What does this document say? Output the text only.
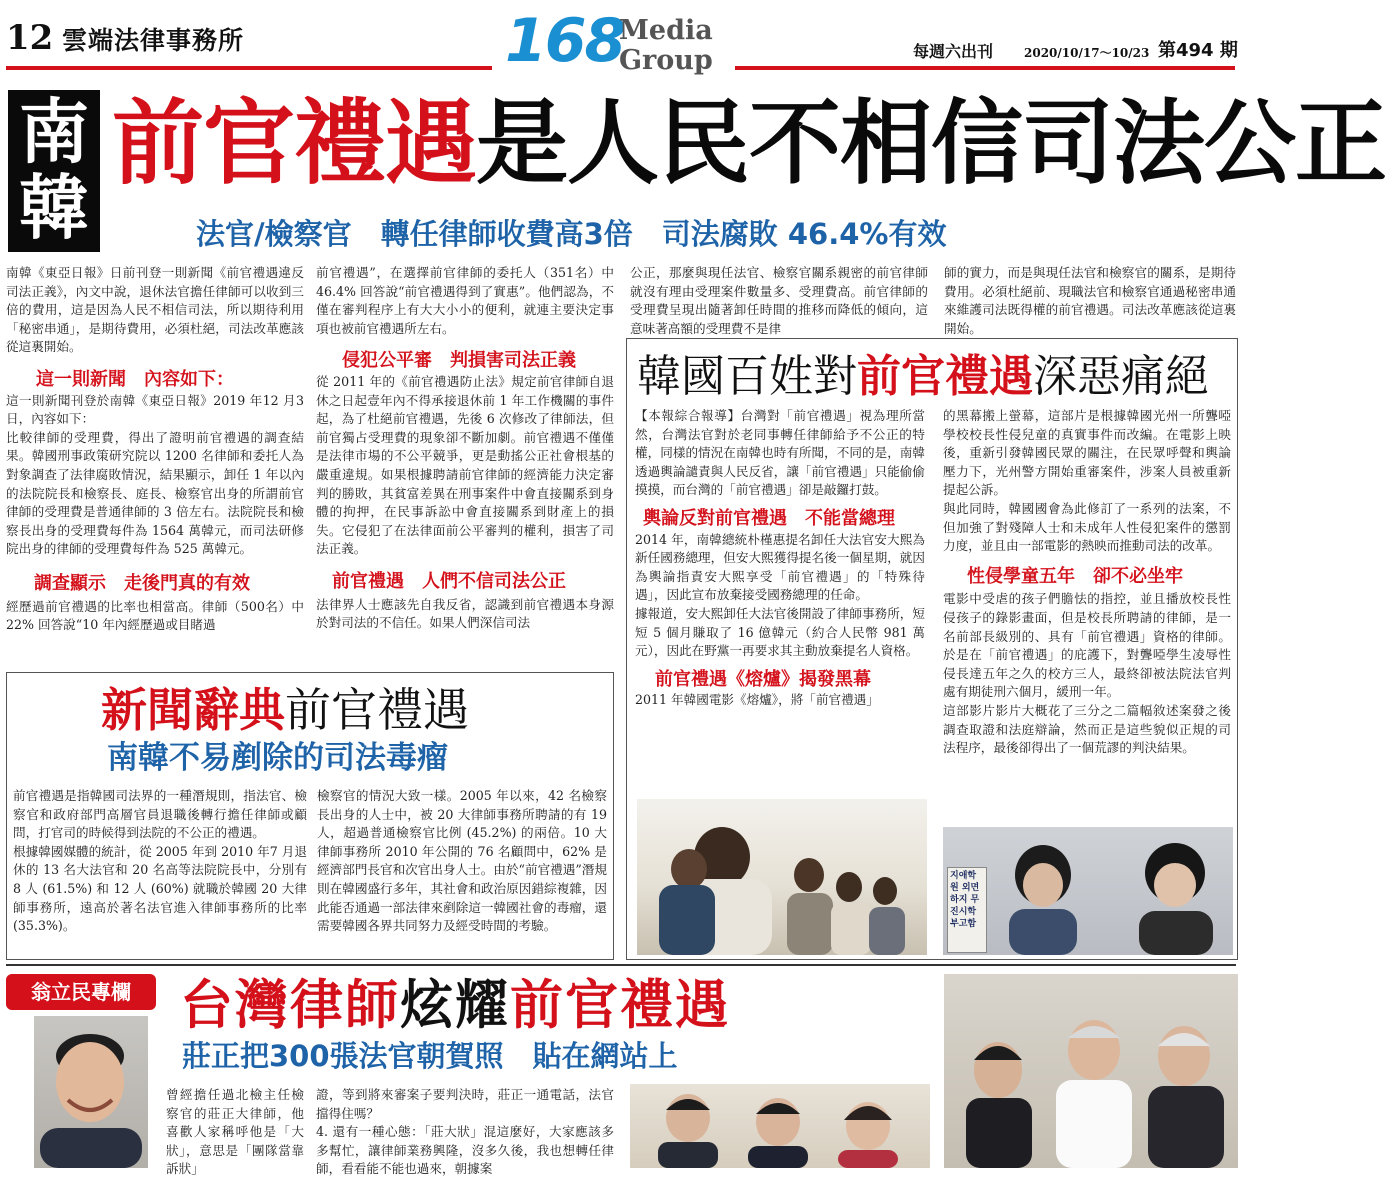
12 雲端法律事務所	168
Media
Group	每週六出刊	2020/10/17～10/23 第494 期
南
韓
前官禮遇是人民不相信司法公正
法官/檢察官　轉任律師收費高3倍　司法腐敗 46.4%有效

南韓《東亞日報》日前刊登一則新聞《前官禮遇違反司法正義》，內文中說，退休法官擔任律師可以收到三倍的費用，這是因為人民不相信司法，所以期待利用「秘密串通」，是期待費用，必須杜絕，司法改革應該從這裏開始。

這一則新聞　內容如下：

這一則新聞刊登於南韓《東亞日報》2019 年12 月3 日，內容如下：

比較律師的受理費，得出了證明前官禮遇的調查結果。韓國刑事政策研究院以 1200 名律師和委托人為對象調查了法律腐敗情況，結果顯示，卸任 1 年以內的法院院長和檢察長、庭長、檢察官出身的所謂前官律師的受理費是普通律師的 3 倍左右。法院院長和檢察長出身的受理費每件為 1564 萬韓元，而司法研修院出身的律師的受理費每件為 525 萬韓元。

調查顯示　走後門真的有效

經歷過前官禮遇的比率也相當高。律師（500名）中 22% 回答說“10 年內經歷過或目睹過

前官禮遇”，在選擇前官律師的委托人（351名）中 46.4% 回答說“前官禮遇得到了實惠”。他們認為，不僅在審判程序上有大大小小的便利，就連主要決定事項也被前官禮遇所左右。

侵犯公平審　判損害司法正義

從 2011 年的《前官禮遇防止法》規定前官律師自退休之日起壹年內不得承接退休前 1 年工作機關的事件起，為了杜絕前官禮遇，先後 6 次修改了律師法，但前官獨占受理費的現象卻不斷加劇。前官禮遇不僅僅是法律市場的不公平競爭，更是動搖公正社會根基的嚴重違規。如果根據聘請前官律師的經濟能力決定審判的勝敗，其貧富差異在刑事案件中會直接關系到身體的拘押，在民事訴訟中會直接關系到財產上的損失。它侵犯了在法律面前公平審判的權利，損害了司法正義。

前官禮遇　人們不信司法公正

法律界人士應該先自我反省，認識到前官禮遇本身源於對司法的不信任。如果人們深信司法

公正，那麼與現任法官、檢察官關系親密的前官律師就沒有理由受理案件數量多、受理費高。前官律師的受理費呈現出隨著卸任時間的推移而降低的傾向，這意味著高額的受理費不是律

師的實力，而是與現任法官和檢察官的關系，是期待費用。必須杜絕前、現職法官和檢察官通過秘密串通來維護司法既得權的前官禮遇。司法改革應該從這裏開始。

韓國百姓對前官禮遇深惡痛絕

【本報綜合報導】台灣對「前官禮遇」視為理所當然，台灣法官對於老同事轉任律師給予不公正的特權，同樣的情況在南韓也時有所聞，不同的是，南韓透過輿論譴責與人民反省，讓「前官禮遇」只能偷偷摸摸，而台灣的「前官禮遇」卻是敲鑼打鼓。

輿論反對前官禮遇　不能當總理

2014 年，南韓總統朴槿惠提名卸任大法官安大熙為新任國務總理，但安大熙獲得提名後一個星期，就因為輿論指責安大熙享受「前官禮遇」的「特殊待遇」，因此宣布放棄接受國務總理的任命。

據報道，安大熙卸任大法官後開設了律師事務所，短短 5 個月賺取了 16 億韓元（約合人民幣 981 萬元），因此在野黨一再要求其主動放棄提名人資格。

前官禮遇《熔爐》揭發黑幕

2011 年韓國電影《熔爐》，將「前官禮遇」

的黑幕搬上螢幕，這部片是根據韓國光州一所聾啞學校校長性侵兒童的真實事件而改編。在電影上映後，重新引發韓國民眾的關注，在民眾呼聲和輿論壓力下，光州警方開始重審案件，涉案人員被重新提起公訴。

與此同時，韓國國會為此修訂了一系列的法案，不但加強了對殘障人士和未成年人性侵犯案件的懲罰力度，並且由一部電影的熱映而推動司法的改革。

性侵學童五年　卻不必坐牢

電影中受虐的孩子們膽怯的指控，並且播放校長性侵孩子的錄影畫面，但是校長所聘請的律師，是一名前部長級別的、具有「前官禮遇」資格的律師。於是在「前官禮遇」的庇護下，對聾啞學生凌辱性侵長達五年之久的校方三人，最終卻被法院法官判處有期徒刑六個月，緩刑一年。

這部影片影片大概花了三分之二篇幅敘述案發之後調查取證和法庭辯論，然而正是這些貌似正規的司法程序，最後卻得出了一個荒謬的判決結果。

지애학원 외면하지 무진시학 부고함
新聞辭典前官禮遇
南韓不易剷除的司法毒瘤

前官禮遇是指韓國司法界的一種潛規則，指法官、檢察官和政府部門高層官員退職後轉行擔任律師或顧問，打官司的時候得到法院的不公正的禮遇。

根據韓國媒體的統計，從 2005 年到 2010 年7 月退休的 13 名大法官和 20 名高等法院院長中，分別有 8 人 (61.5%) 和 12 人 (60%) 就職於韓國 20 大律師事務所，遠高於著名法官進入律師事務所的比率 (35.3%)。

檢察官的情況大致一樣。2005 年以來，42 名檢察長出身的人士中，被 20 大律師事務所聘請的有 19 人，超過普通檢察官比例 (45.2%) 的兩倍。10 大律師事務所 2010 年公開的 76 名顧問中，62% 是經濟部門長官和次官出身人士。由於“前官禮遇”潛規則在韓國盛行多年，其社會和政治原因錯綜複雜，因此能否通過一部法律來剷除這一韓國社會的毒瘤，還需要韓國各界共同努力及經受時間的考驗。

翁立民專欄 台灣律師炫耀前官禮遇
莊正把300張法官朝賀照　貼在網站上

曾經擔任過北檢主任檢察官的莊正大律師，他喜歡人家稱呼他是「大狀」，意思是「團隊當靠訴狀」

證，等到將來審案子要判決時，莊正一通電話，法官擋得住嗎？

4. 還有一種心態：「莊大狀」混這麼好，大家應該多多幫忙，讓律師業務興隆，沒多久後，我也想轉任律師，看看能不能也過來，朝據案
